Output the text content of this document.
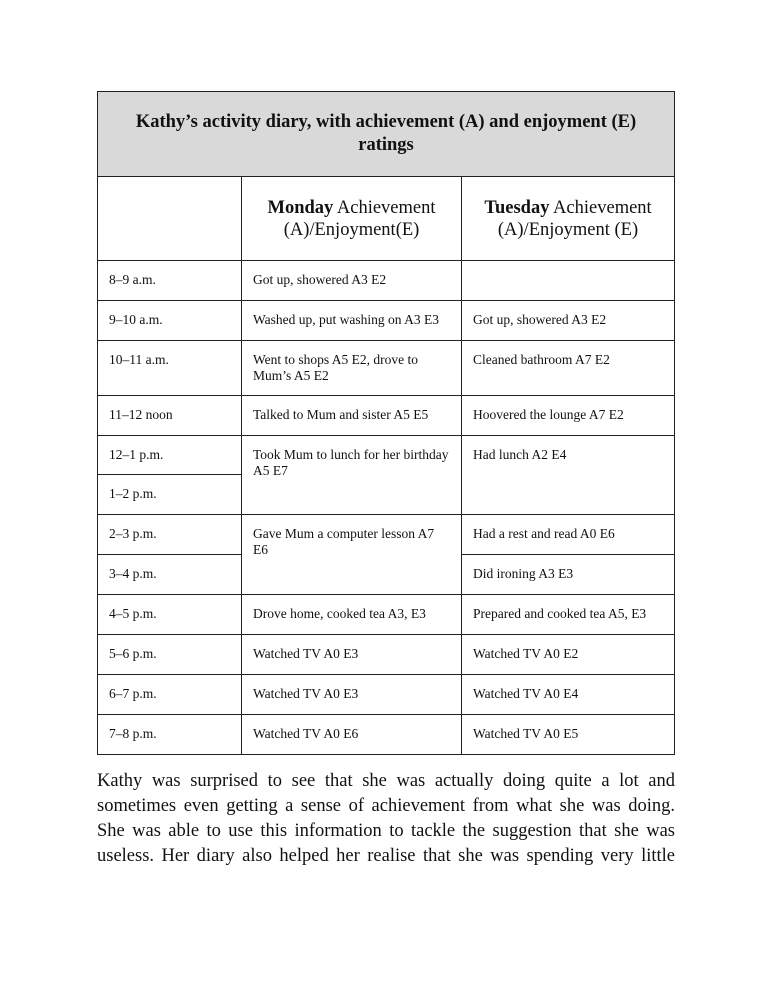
Kathy’s activity diary, with achievement (A) and enjoyment (E) ratings		
	Monday Achievement (A)/Enjoyment(E)	Tuesday Achievement (A)/Enjoyment (E)
8–9 a.m.	Got up, showered A3 E2	
9–10 a.m.	Washed up, put washing on A3 E3	Got up, showered A3 E2
10–11 a.m.	Went to shops A5 E2, drove to Mum’s A5 E2	Cleaned bathroom A7 E2
11–12 noon	Talked to Mum and sister A5 E5	Hoovered the lounge A7 E2
12–1 p.m.	Took Mum to lunch for her birthday A5 E7	Had lunch A2 E4
1–2 p.m.		
2–3 p.m.	Gave Mum a computer lesson A7 E6	Had a rest and read A0 E6
3–4 p.m.		Did ironing A3 E3
4–5 p.m.	Drove home, cooked tea A3, E3	Prepared and cooked tea A5, E3
5–6 p.m.	Watched TV A0 E3	Watched TV A0 E2
6–7 p.m.	Watched TV A0 E3	Watched TV A0 E4
7–8 p.m.	Watched TV A0 E6	Watched TV A0 E5

Kathy was surprised to see that she was actually doing quite a lot and
sometimes even getting a sense of achievement from what she was doing.
She was able to use this information to tackle the suggestion that she was
useless. Her diary also helped her realise that she was spending very little
